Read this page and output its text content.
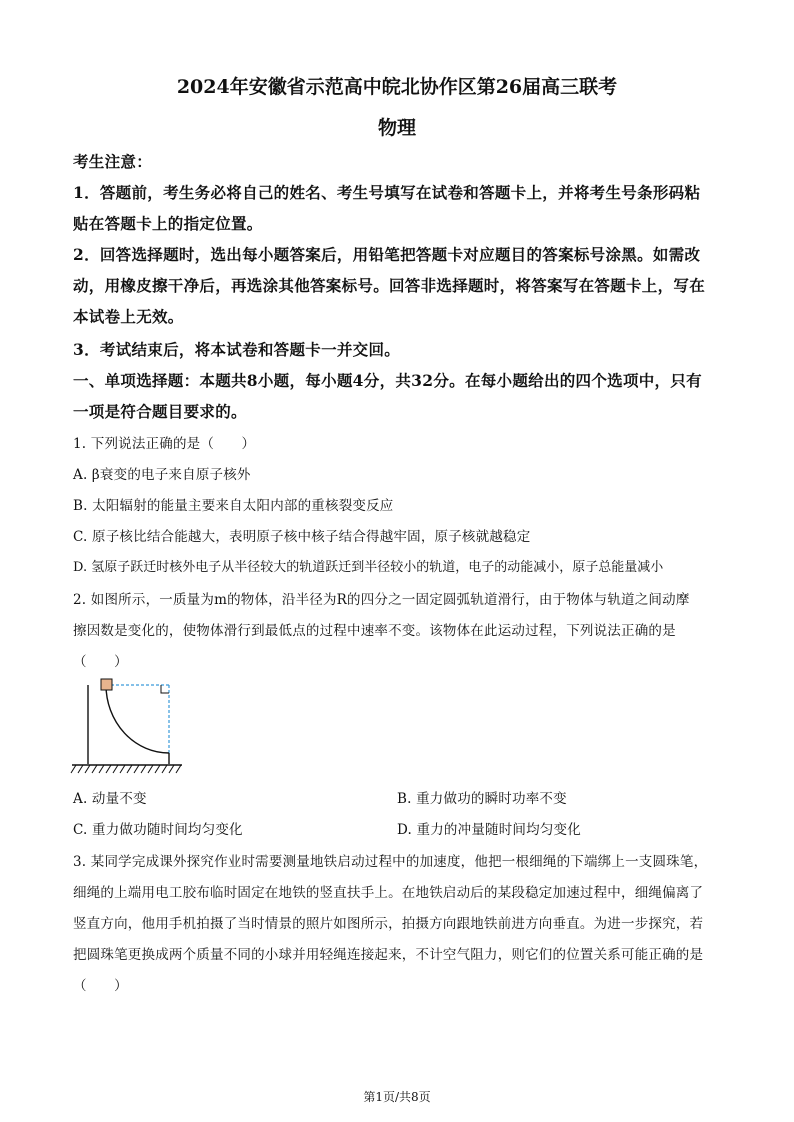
2024年安徽省示范高中皖北协作区第26届高三联考
物理
考生注意：
1．答题前，考生务必将自己的姓名、考生号填写在试卷和答题卡上，并将考生号条形码粘
贴在答题卡上的指定位置。
2．回答选择题时，选出每小题答案后，用铅笔把答题卡对应题目的答案标号涂黑。如需改
动，用橡皮擦干净后，再选涂其他答案标号。回答非选择题时，将答案写在答题卡上，写在
本试卷上无效。
3．考试结束后，将本试卷和答题卡一并交回。
一、单项选择题：本题共8小题，每小题4分，共32分。在每小题给出的四个选项中，只有
一项是符合题目要求的。
1. 下列说法正确的是（　　）
A. β衰变的电子来自原子核外
B. 太阳辐射的能量主要来自太阳内部的重核裂变反应
C. 原子核比结合能越大，表明原子核中核子结合得越牢固，原子核就越稳定
D. 氢原子跃迁时核外电子从半径较大的轨道跃迁到半径较小的轨道，电子的动能减小，原子总能量减小
2. 如图所示，一质量为m的物体，沿半径为R的四分之一固定圆弧轨道滑行，由于物体与轨道之间动摩
擦因数是变化的，使物体滑行到最低点的过程中速率不变。该物体在此运动过程，下列说法正确的是
（　　）
A. 动量不变	B. 重力做功的瞬时功率不变
C. 重力做功随时间均匀变化	D. 重力的冲量随时间均匀变化
3. 某同学完成课外探究作业时需要测量地铁启动过程中的加速度，他把一根细绳的下端绑上一支圆珠笔，
细绳的上端用电工胶布临时固定在地铁的竖直扶手上。在地铁启动后的某段稳定加速过程中，细绳偏离了
竖直方向，他用手机拍摄了当时情景的照片如图所示，拍摄方向跟地铁前进方向垂直。为进一步探究，若
把圆珠笔更换成两个质量不同的小球并用轻绳连接起来，不计空气阻力，则它们的位置关系可能正确的是
（　　）
第1页/共8页
